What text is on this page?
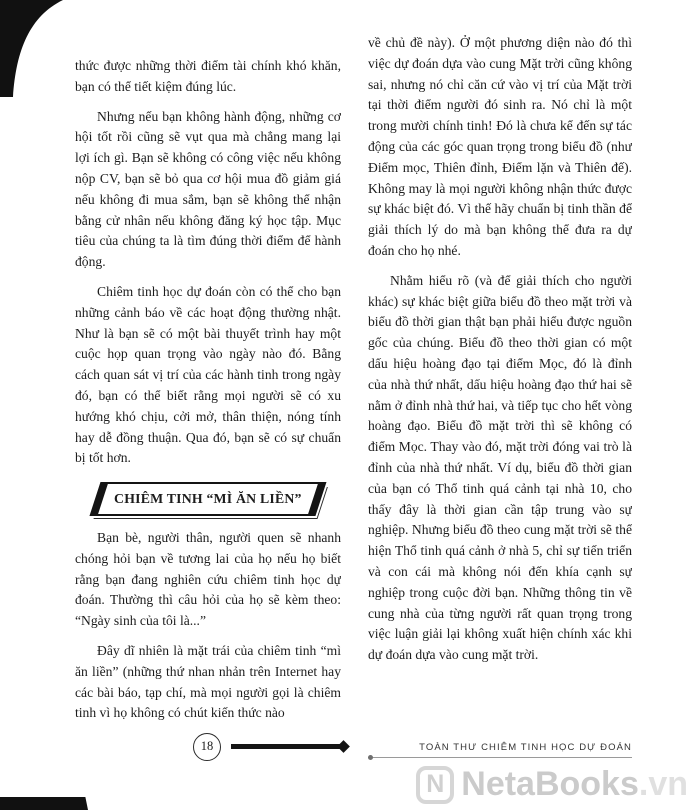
thức được những thời điểm tài chính khó khăn, bạn có thể tiết kiệm đúng lúc.

Nhưng nếu bạn không hành động, những cơ hội tốt rồi cũng sẽ vụt qua mà chẳng mang lại lợi ích gì. Bạn sẽ không có công việc nếu không nộp CV, bạn sẽ bỏ qua cơ hội mua đồ giảm giá nếu không đi mua sắm, bạn sẽ không thể nhận bằng cử nhân nếu không đăng ký học tập. Mục tiêu của chúng ta là tìm đúng thời điểm để hành động.

Chiêm tinh học dự đoán còn có thể cho bạn những cảnh báo về các hoạt động thường nhật. Như là bạn sẽ có một bài thuyết trình hay một cuộc họp quan trọng vào ngày nào đó. Bằng cách quan sát vị trí của các hành tinh trong ngày đó, bạn có thể biết rằng mọi người sẽ có xu hướng khó chịu, cởi mở, thân thiện, nóng tính hay dễ đồng thuận. Qua đó, bạn sẽ có sự chuẩn bị tốt hơn.

CHIÊM TINH “MÌ ĂN LIỀN”

Bạn bè, người thân, người quen sẽ nhanh chóng hỏi bạn về tương lai của họ nếu họ biết rằng bạn đang nghiên cứu chiêm tinh học dự đoán. Thường thì câu hỏi của họ sẽ kèm theo: “Ngày sinh của tôi là...”

Đây dĩ nhiên là mặt trái của chiêm tinh “mì ăn liền” (những thứ nhan nhản trên Internet hay các bài báo, tạp chí, mà mọi người gọi là chiêm tinh vì họ không có chút kiến thức nào

về chủ đề này). Ở một phương diện nào đó thì việc dự đoán dựa vào cung Mặt trời cũng không sai, nhưng nó chỉ căn cứ vào vị trí của Mặt trời tại thời điểm người đó sinh ra. Nó chỉ là một trong mười chính tinh! Đó là chưa kể đến sự tác động của các góc quan trọng trong biểu đồ (như Điểm mọc, Thiên đỉnh, Điểm lặn và Thiên đế). Không may là mọi người không nhận thức được sự khác biệt đó. Vì thế hãy chuẩn bị tinh thần để giải thích lý do mà bạn không thể đưa ra dự đoán cho họ nhé.

Nhằm hiểu rõ (và để giải thích cho người khác) sự khác biệt giữa biểu đồ theo mặt trời và biểu đồ thời gian thật bạn phải hiểu được nguồn gốc của chúng. Biểu đồ theo thời gian có một dấu hiệu hoàng đạo tại điểm Mọc, đó là đỉnh của nhà thứ nhất, dấu hiệu hoàng đạo thứ hai sẽ nằm ở đỉnh nhà thứ hai, và tiếp tục cho hết vòng hoàng đạo. Biểu đồ mặt trời thì sẽ không có điểm Mọc. Thay vào đó, mặt trời đóng vai trò là đỉnh của nhà thứ nhất. Ví dụ, biểu đồ thời gian của bạn có Thổ tinh quá cảnh tại nhà 10, cho thấy đây là thời gian cần tập trung vào sự nghiệp. Nhưng biểu đồ theo cung mặt trời sẽ thể hiện Thổ tinh quá cảnh ở nhà 5, chỉ sự tiến triển và con cái mà không nói đến khía cạnh sự nghiệp trong cuộc đời bạn. Những thông tin về cung nhà của từng người rất quan trọng trong việc luận giải lại không xuất hiện chính xác khi dự đoán dựa vào cung mặt trời.

18	TOÀN THƯ CHIÊM TINH HỌC DỰ ĐOÁN
N NetaBooks .vn
